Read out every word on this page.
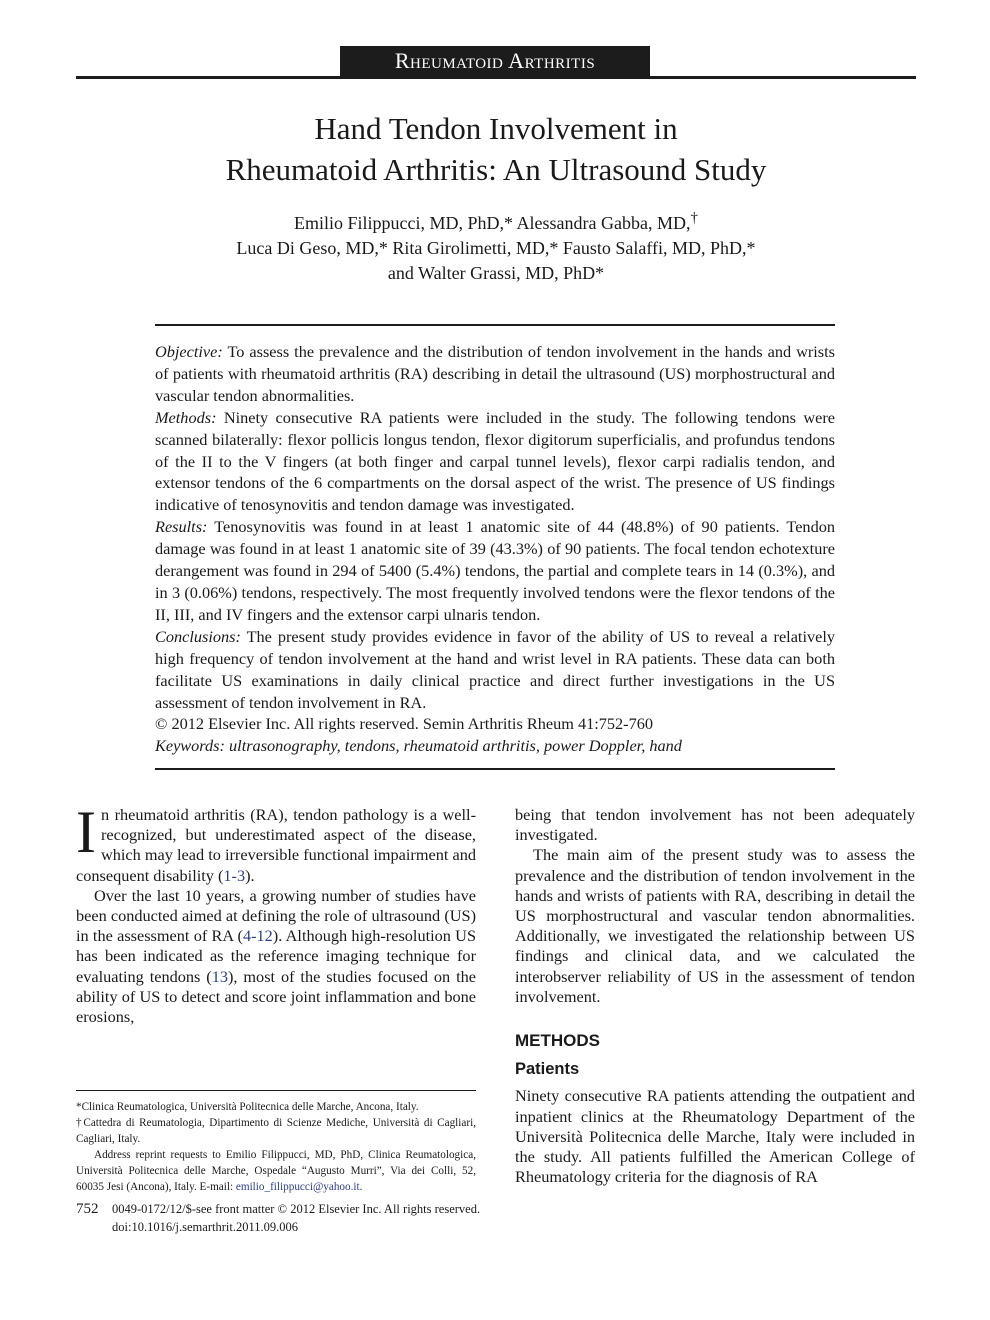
Rheumatoid Arthritis
Hand Tendon Involvement in
Rheumatoid Arthritis: An Ultrasound Study
Emilio Filippucci, MD, PhD,* Alessandra Gabba, MD,†
Luca Di Geso, MD,* Rita Girolimetti, MD,* Fausto Salaffi, MD, PhD,*
and Walter Grassi, MD, PhD*

Objective: To assess the prevalence and the distribution of tendon involvement in the hands and wrists of patients with rheumatoid arthritis (RA) describing in detail the ultrasound (US) morphostructural and vascular tendon abnormalities.

Methods: Ninety consecutive RA patients were included in the study. The following tendons were scanned bilaterally: flexor pollicis longus tendon, flexor digitorum superficialis, and profundus tendons of the II to the V fingers (at both finger and carpal tunnel levels), flexor carpi radialis tendon, and extensor tendons of the 6 compartments on the dorsal aspect of the wrist. The presence of US findings indicative of tenosynovitis and tendon damage was investigated.

Results: Tenosynovitis was found in at least 1 anatomic site of 44 (48.8%) of 90 patients. Tendon damage was found in at least 1 anatomic site of 39 (43.3%) of 90 patients. The focal tendon echotexture derangement was found in 294 of 5400 (5.4%) tendons, the partial and complete tears in 14 (0.3%), and in 3 (0.06%) tendons, respectively. The most frequently involved tendons were the flexor tendons of the II, III, and IV fingers and the extensor carpi ulnaris tendon.

Conclusions: The present study provides evidence in favor of the ability of US to reveal a relatively high frequency of tendon involvement at the hand and wrist level in RA patients. These data can both facilitate US examinations in daily clinical practice and direct further investigations in the US assessment of tendon involvement in RA.

© 2012 Elsevier Inc. All rights reserved. Semin Arthritis Rheum 41:752-760

Keywords: ultrasonography, tendons, rheumatoid arthritis, power Doppler, hand

In rheumatoid arthritis (RA), tendon pathology is a well-recognized, but underestimated aspect of the disease, which may lead to irreversible functional impairment and consequent disability (1-3).

Over the last 10 years, a growing number of studies have been conducted aimed at defining the role of ultrasound (US) in the assessment of RA (4-12). Although high-resolution US has been indicated as the reference imaging technique for evaluating tendons (13), most of the studies focused on the ability of US to detect and score joint inflammation and bone erosions,

being that tendon involvement has not been adequately investigated.

The main aim of the present study was to assess the prevalence and the distribution of tendon involvement in the hands and wrists of patients with RA, describing in detail the US morphostructural and vascular tendon abnormalities. Additionally, we investigated the relationship between US findings and clinical data, and we calculated the interobserver reliability of US in the assessment of tendon involvement.

METHODS
Patients

Ninety consecutive RA patients attending the outpatient and inpatient clinics at the Rheumatology Department of the Università Politecnica delle Marche, Italy were included in the study. All patients fulfilled the American College of Rheumatology criteria for the diagnosis of RA

*Clinica Reumatologica, Università Politecnica delle Marche, Ancona, Italy.

†Cattedra di Reumatologia, Dipartimento di Scienze Mediche, Università di Cagliari, Cagliari, Italy.

Address reprint requests to Emilio Filippucci, MD, PhD, Clinica Reumatologica, Università Politecnica delle Marche, Ospedale “Augusto Murri”, Via dei Colli, 52, 60035 Jesi (Ancona), Italy. E-mail: emilio_filippucci@yahoo.it.

752 0049-0172/12/$-see front matter © 2012 Elsevier Inc. All rights reserved.
doi:10.1016/j.semarthrit.2011.09.006
